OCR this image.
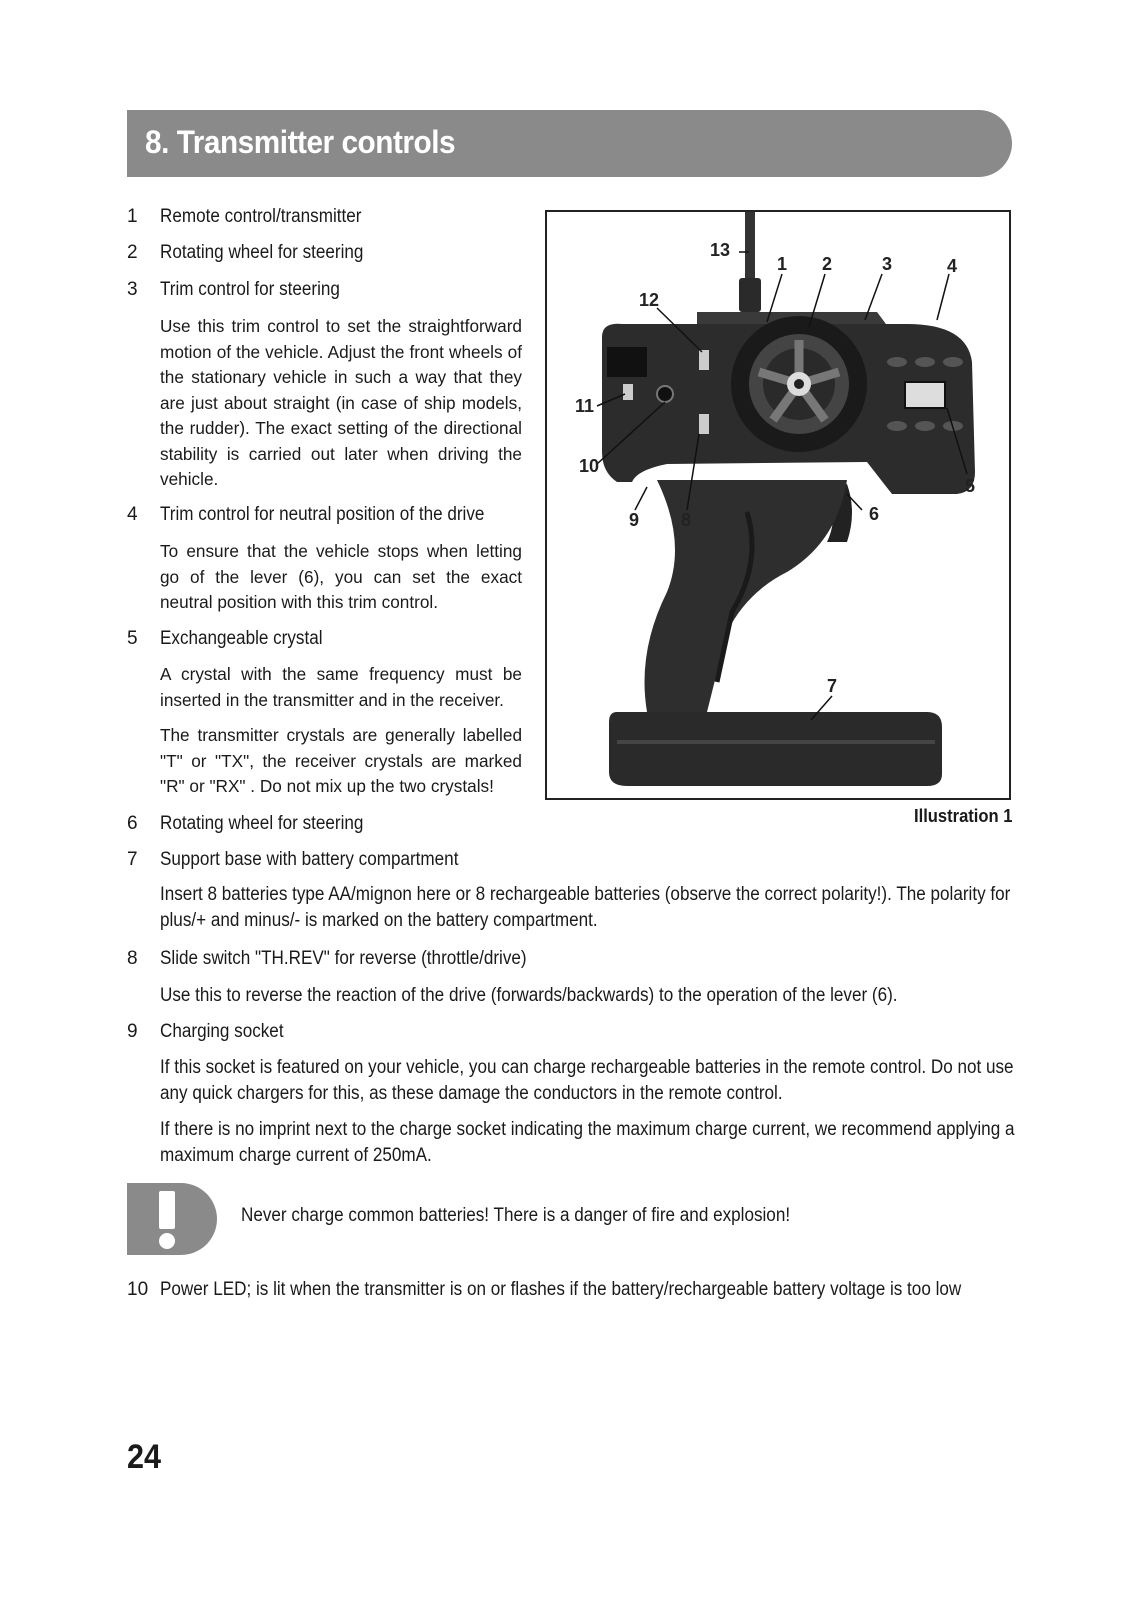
8. Transmitter controls
1 Remote control/transmitter
2 Rotating wheel for steering
3 Trim control for steering
Use this trim control to set the straightforward motion of the vehicle. Adjust the front wheels of the stationary vehicle in such a way that they are just about straight (in case of ship models, the rudder). The exact setting of the directional stability is carried out later when driving the vehicle.
4 Trim control for neutral position of the drive
To ensure that the vehicle stops when letting go of the lever (6), you can set the exact neutral position with this trim control.
5 Exchangeable crystal
A crystal with the same frequency must be inserted in the transmitter and in the receiver.
The transmitter crystals are generally labelled "T" or "TX", the receiver crystals are marked "R" or "RX" . Do not mix up the two crystals!
6 Rotating wheel for steering
7 Support base with battery compartment
Insert 8 batteries type AA/mignon here or 8 rechargeable batteries (observe the correct polarity!). The polarity for plus/+ and minus/- is marked on the battery compartment.
8 Slide switch "TH.REV" for reverse (throttle/drive)
Use this to reverse the reaction of the drive (forwards/backwards) to the operation of the lever (6).
9 Charging socket
If this socket is featured on your vehicle, you can charge rechargeable batteries in the remote control. Do not use any quick chargers for this, as these damage the conductors in the remote control.
If there is no imprint next to the charge socket indicating the maximum charge current, we recommend applying a maximum charge current of 250mA.
Never charge common batteries! There is a danger of fire and explosion!
10 Power LED; is lit when the transmitter is on or flashes if the battery/rechargeable battery voltage is too low
13
1 2	3	4
12
11
10
5
9 8	6
7
Illustration 1
24
